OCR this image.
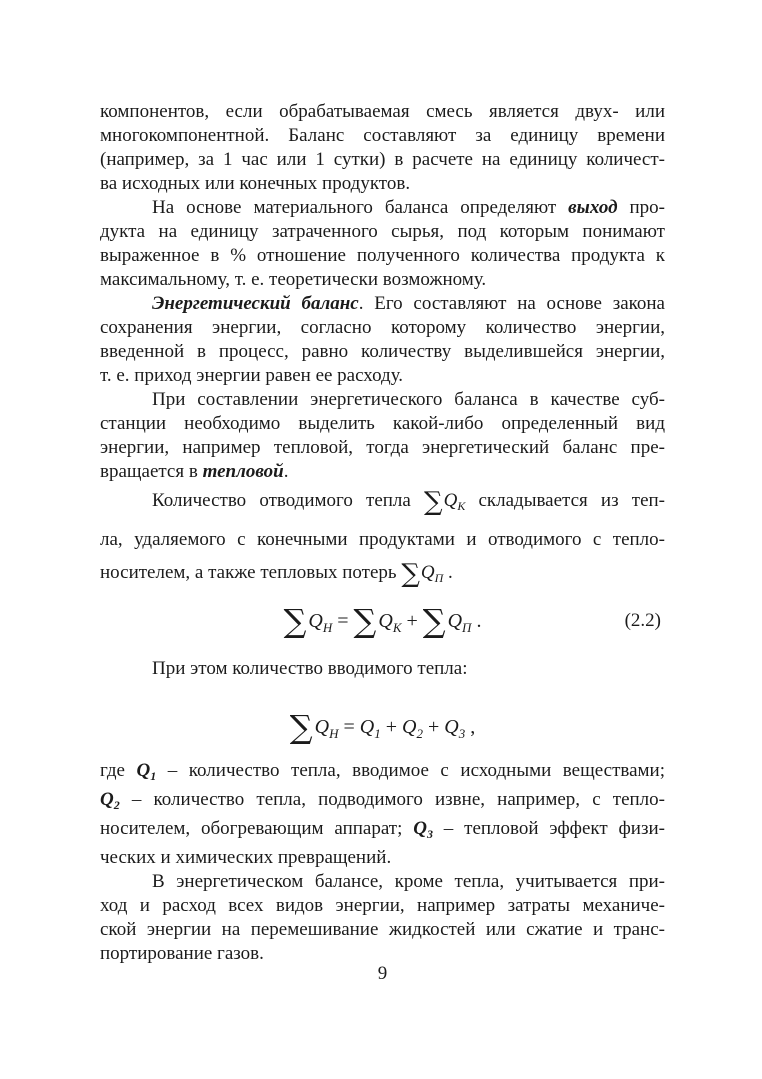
компонентов, если обрабатываемая смесь является двух- или
многокомпонентной. Баланс составляют за единицу времени
(например, за 1 час или 1 сутки) в расчете на единицу количест-
ва исходных или конечных продуктов.
На основе материального баланса определяют выход про-
дукта на единицу затраченного сырья, под которым понимают
выраженное в % отношение полученного количества продукта к
максимальному, т. е. теоретически возможному.
Энергетический баланс. Его составляют на основе закона
сохранения энергии, согласно которому количество энергии,
введенной в процесс, равно количеству выделившейся энергии,
т. е. приход энергии равен ее расходу.
При составлении энергетического баланса в качестве суб-
станции необходимо выделить какой-либо определенный вид
энергии, например тепловой, тогда энергетический баланс пре-
вращается в тепловой.
Количество отводимого тепла $\sum Q_К$ складывается из теп-
ла, удаляемого с конечными продуктами и отводимого с тепло-
носителем, а также тепловых потерь $\sum Q_П$ .
∑ $Q_Н$ = ∑ $Q_К$ + ∑ $Q_П$ .	(2.2)
При этом количество вводимого тепла:
∑ $Q_Н = Q_1 + Q_2 + Q_3$ ,
где $Q_1$ – количество тепла, вводимое с исходными веществами;
$Q_2$ – количество тепла, подводимого извне, например, с тепло-
носителем, обогревающим аппарат; $Q_3$ – тепловой эффект физи-
ческих и химических превращений.
В энергетическом балансе, кроме тепла, учитывается при-
ход и расход всех видов энергии, например затраты механиче-
ской энергии на перемешивание жидкостей или сжатие и транс-
портирование газов.
9
